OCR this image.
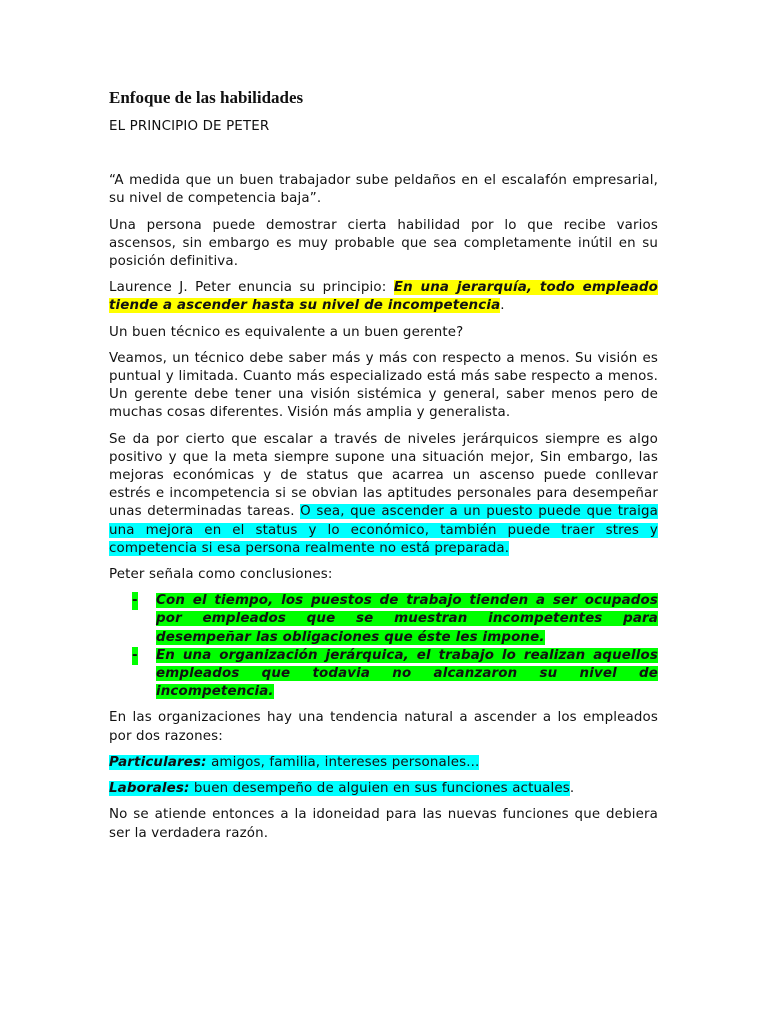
Enfoque de las habilidades
EL PRINCIPIO DE PETER

“A medida que un buen trabajador sube peldaños en el escalafón empresarial, su nivel de competencia baja”.

Una persona puede demostrar cierta habilidad por lo que recibe varios ascensos, sin embargo es muy probable que sea completamente inútil en su posición definitiva.

Laurence J. Peter enuncia su principio: En una jerarquía, todo empleado tiende a ascender hasta su nivel de incompetencia.

Un buen técnico es equivalente a un buen gerente?

Veamos, un técnico debe saber más y más con respecto a menos. Su visión es puntual y limitada. Cuanto más especializado está más sabe respecto a menos. Un gerente debe tener una visión sistémica y general, saber menos pero de muchas cosas diferentes. Visión más amplia y generalista.

Se da por cierto que escalar a través de niveles jerárquicos siempre es algo positivo y que la meta siempre supone una situación mejor, Sin embargo, las mejoras económicas y de status que acarrea un ascenso puede conllevar estrés e incompetencia si se obvian las aptitudes personales para desempeñar unas determinadas tareas. O sea, que ascender a un puesto puede que traiga una mejora en el status y lo económico, también puede traer stres y competencia si esa persona realmente no está preparada.

Peter señala como conclusiones:

- Con el tiempo, los puestos de trabajo tienden a ser ocupados por empleados que se muestran incompetentes para desempeñar las obligaciones que éste les impone.
- En una organización jerárquica, el trabajo lo realizan aquellos empleados que todavia no alcanzaron su nivel de incompetencia.

En las organizaciones hay una tendencia natural a ascender a los empleados por dos razones:

Particulares: amigos, familia, intereses personales...

Laborales: buen desempeño de alguien en sus funciones actuales.

No se atiende entonces a la idoneidad para las nuevas funciones que debiera ser la verdadera razón.
